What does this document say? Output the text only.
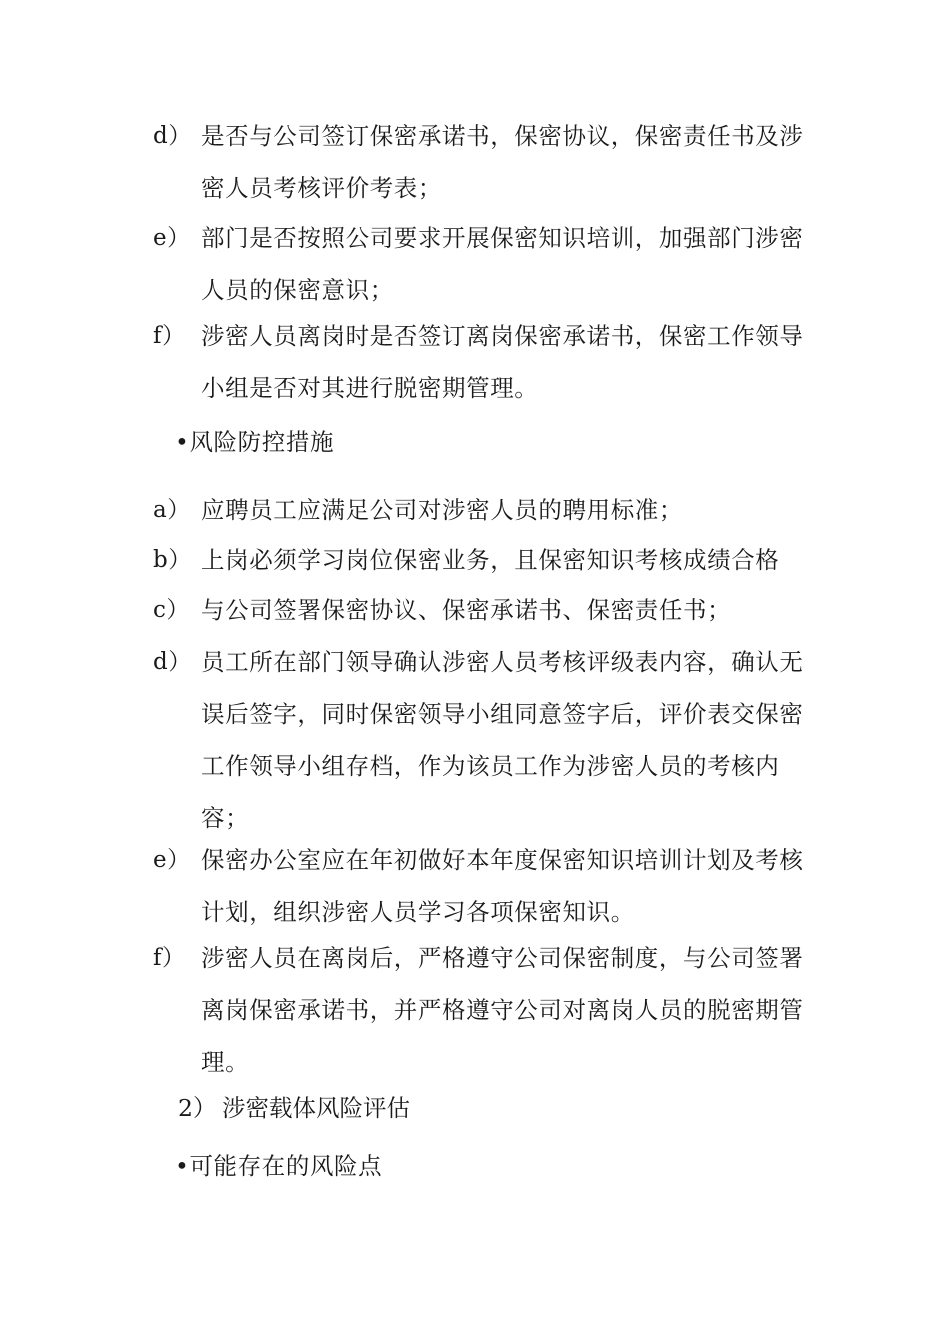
d） 是否与公司签订保密承诺书，保密协议，保密责任书及涉密人员考核评价考表；
e） 部门是否按照公司要求开展保密知识培训，加强部门涉密人员的保密意识；
f） 涉密人员离岗时是否签订离岗保密承诺书，保密工作领导小组是否对其进行脱密期管理。
•风险防控措施
a） 应聘员工应满足公司对涉密人员的聘用标准；
b） 上岗必须学习岗位保密业务，且保密知识考核成绩合格
c） 与公司签署保密协议、保密承诺书、保密责任书；
d） 员工所在部门领导确认涉密人员考核评级表内容，确认无误后签字，同时保密领导小组同意签字后，评价表交保密工作领导小组存档，作为该员工作为涉密人员的考核内容；
e） 保密办公室应在年初做好本年度保密知识培训计划及考核计划，组织涉密人员学习各项保密知识。
f） 涉密人员在离岗后，严格遵守公司保密制度，与公司签署离岗保密承诺书，并严格遵守公司对离岗人员的脱密期管理。
2） 涉密载体风险评估
•可能存在的风险点
